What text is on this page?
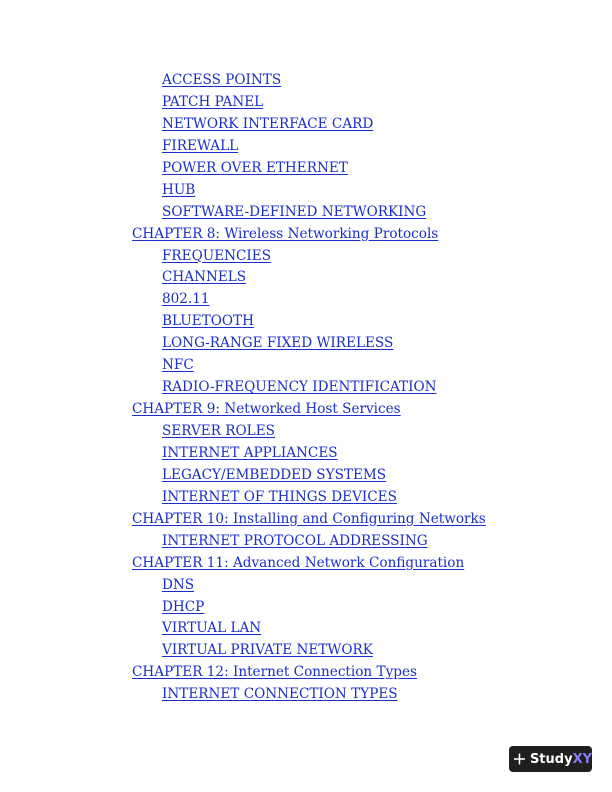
ACCESS POINTS
PATCH PANEL
NETWORK INTERFACE CARD
FIREWALL
POWER OVER ETHERNET
HUB
SOFTWARE-DEFINED NETWORKING
CHAPTER 8: Wireless Networking Protocols
FREQUENCIES
CHANNELS
802.11
BLUETOOTH
LONG-RANGE FIXED WIRELESS
NFC
RADIO-FREQUENCY IDENTIFICATION
CHAPTER 9: Networked Host Services
SERVER ROLES
INTERNET APPLIANCES
LEGACY/EMBEDDED SYSTEMS
INTERNET OF THINGS DEVICES
CHAPTER 10: Installing and Configuring Networks
INTERNET PROTOCOL ADDRESSING
CHAPTER 11: Advanced Network Configuration
DNS
DHCP
VIRTUAL LAN
VIRTUAL PRIVATE NETWORK
CHAPTER 12: Internet Connection Types
INTERNET CONNECTION TYPES
Study XY
